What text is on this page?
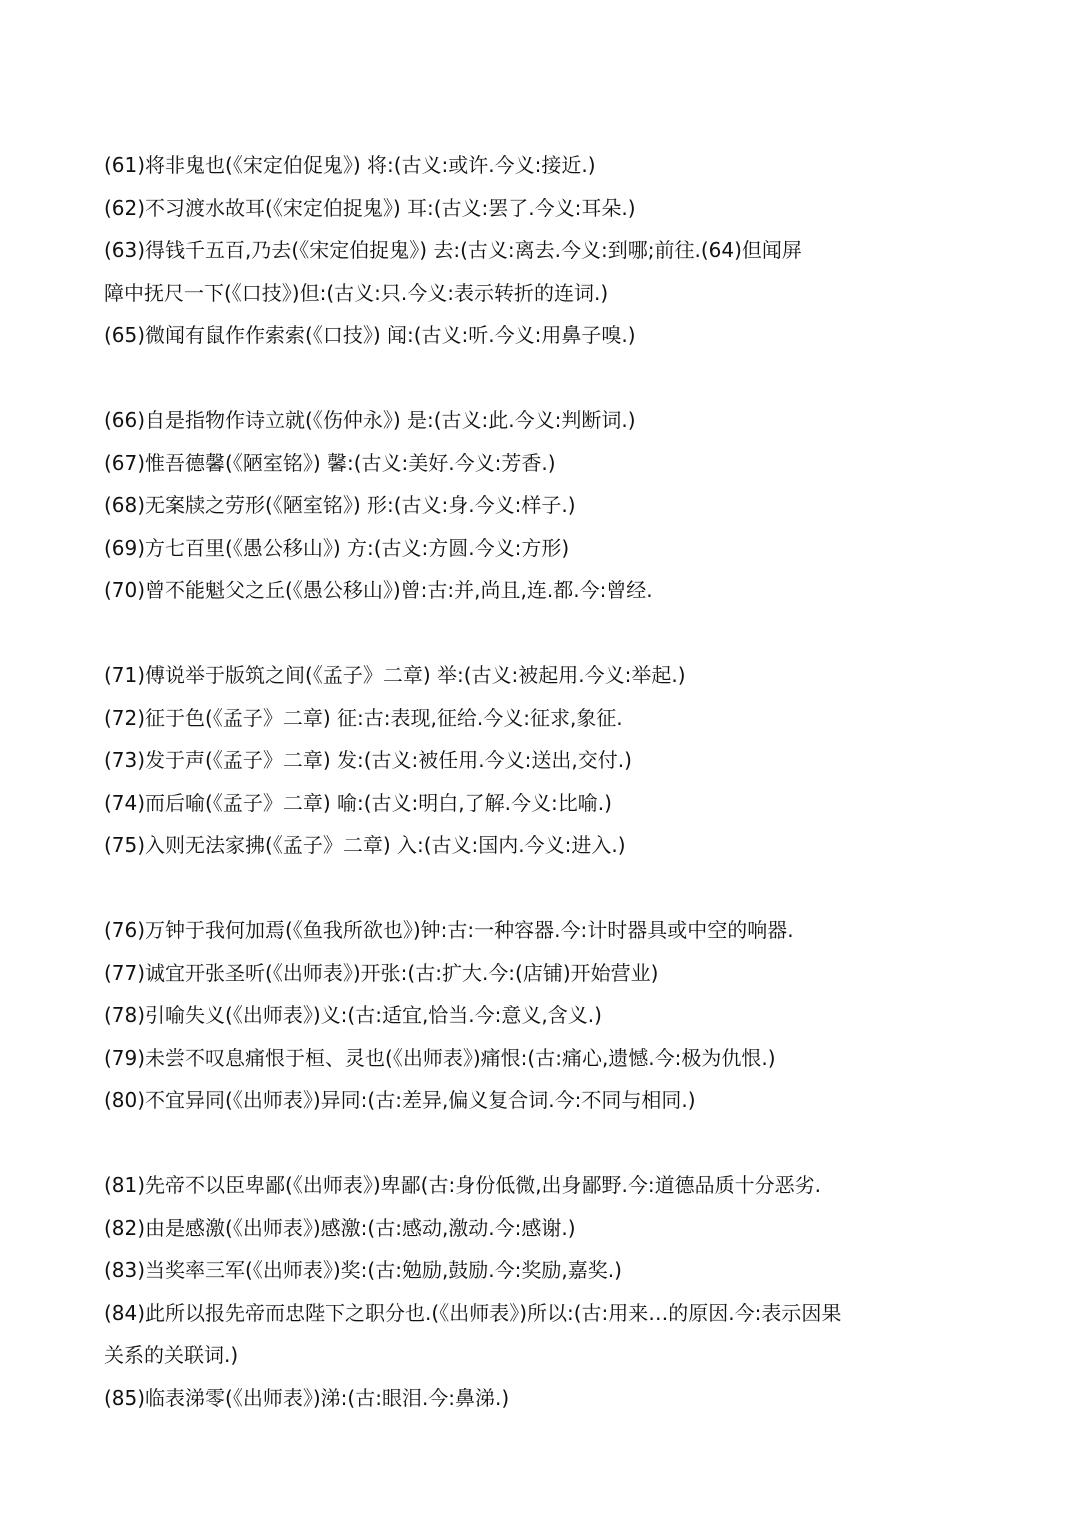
(61)将非鬼也(《宋定伯促鬼》) 将:(古义:或许.今义:接近.)
(62)不习渡水故耳(《宋定伯捉鬼》) 耳:(古义:罢了.今义:耳朵.)
(63)得钱千五百,乃去(《宋定伯捉鬼》) 去:(古义:离去.今义:到哪;前往.(64)但闻屏
障中抚尺一下(《口技》)但:(古义:只.今义:表示转折的连词.)
(65)微闻有鼠作作索索(《口技》) 闻:(古义:听.今义:用鼻子嗅.)
(66)自是指物作诗立就(《伤仲永》) 是:(古义:此.今义:判断词.)
(67)惟吾德馨(《陋室铭》) 馨:(古义:美好.今义:芳香.)
(68)无案牍之劳形(《陋室铭》) 形:(古义:身.今义:样子.)
(69)方七百里(《愚公移山》) 方:(古义:方圆.今义:方形)
(70)曾不能魁父之丘(《愚公移山》)曾:古:并,尚且,连.都.今:曾经.
(71)傅说举于版筑之间(《孟子》二章) 举:(古义:被起用.今义:举起.)
(72)征于色(《孟子》二章) 征:古:表现,征给.今义:征求,象征.
(73)发于声(《孟子》二章) 发:(古义:被任用.今义:送出,交付.)
(74)而后喻(《孟子》二章) 喻:(古义:明白,了解.今义:比喻.)
(75)入则无法家拂(《孟子》二章) 入:(古义:国内.今义:进入.)
(76)万钟于我何加焉(《鱼我所欲也》)钟:古:一种容器.今:计时器具或中空的响器.
(77)诚宜开张圣听(《出师表》)开张:(古:扩大.今:(店铺)开始营业)
(78)引喻失义(《出师表》)义:(古:适宜,恰当.今:意义,含义.)
(79)未尝不叹息痛恨于桓、灵也(《出师表》)痛恨:(古:痛心,遗憾.今:极为仇恨.)
(80)不宜异同(《出师表》)异同:(古:差异,偏义复合词.今:不同与相同.)
(81)先帝不以臣卑鄙(《出师表》)卑鄙(古:身份低微,出身鄙野.今:道德品质十分恶劣.
(82)由是感激(《出师表》)感激:(古:感动,激动.今:感谢.)
(83)当奖率三军(《出师表》)奖:(古:勉励,鼓励.今:奖励,嘉奖.)
(84)此所以报先帝而忠陛下之职分也.(《出师表》)所以:(古:用来…的原因.今:表示因果
关系的关联词.)
(85)临表涕零(《出师表》)涕:(古:眼泪.今:鼻涕.)
